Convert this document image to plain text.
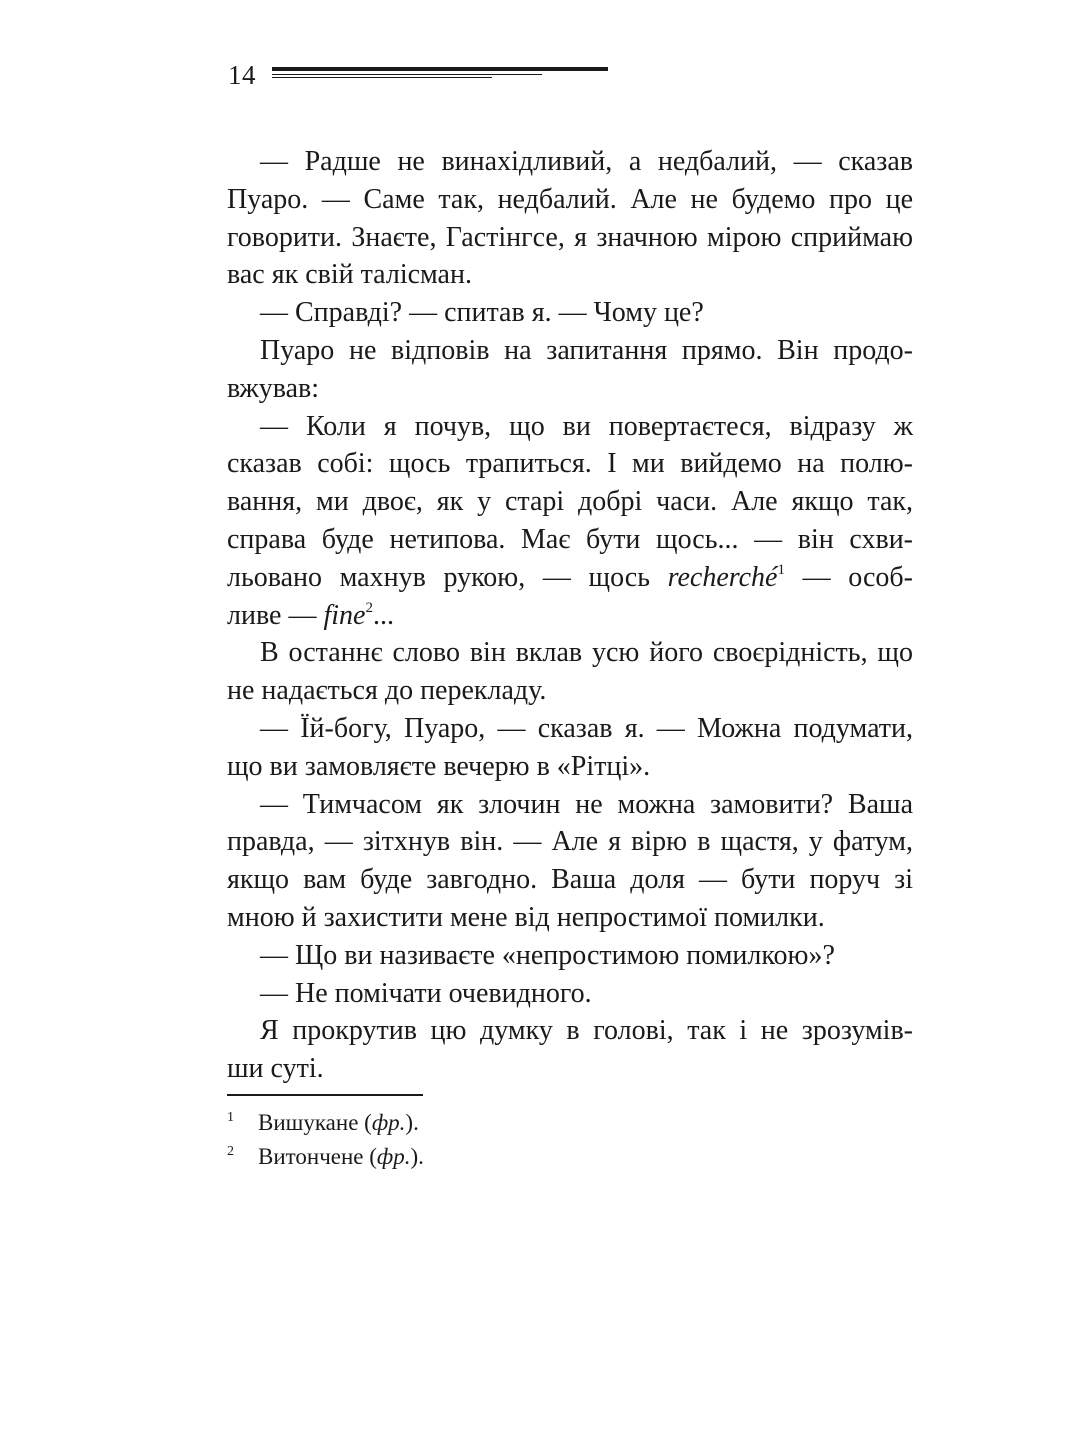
14
— Радше не винахідливий, а недбалий, — сказав
Пуаро. — Саме так, недбалий. Але не будемо про це
говорити. Знаєте, Гастінгсе, я значною мірою сприймаю
вас як свій талісман.
— Справді? — спитав я. — Чому це?
Пуаро не відповів на запитання прямо. Він продо-
вжував:
— Коли я почув, що ви повертаєтеся, відразу ж
сказав собі: щось трапиться. І ми вийдемо на полю-
вання, ми двоє, як у старі добрі часи. Але якщо так,
справа буде нетипова. Має бути щось... — він схви-
льовано махнув рукою, — щось recherché$^1$ — особ-
ливе — fine$^2$...
В останнє слово він вклав усю його своєрідність, що
не надається до перекладу.
— Їй-богу, Пуаро, — сказав я. — Можна подумати,
що ви замовляєте вечерю в «Рітці».
— Тимчасом як злочин не можна замовити? Ваша
правда, — зітхнув він. — Але я вірю в щастя, у фатум,
якщо вам буде завгодно. Ваша доля — бути поруч зі
мною й захистити мене від непростимої помилки.
— Що ви називаєте «непростимою помилкою»?
— Не помічати очевидного.
Я прокрутив цю думку в голові, так і не зрозумів-
ши суті.
1 Вишукане (фр.).
2 Витончене (фр.).
